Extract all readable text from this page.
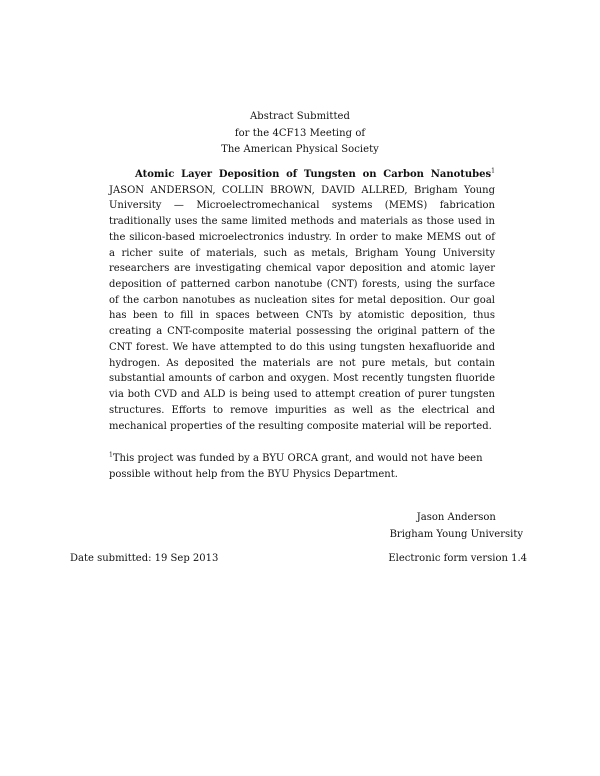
Abstract Submitted
for the 4CF13 Meeting of
The American Physical Society

Atomic Layer Deposition of Tungsten on Carbon Nanotubes$^1$ JASON ANDERSON, COLLIN BROWN, DAVID ALLRED, Brigham Young University — Microelectromechanical systems (MEMS) fabrication traditionally uses the same limited methods and materials as those used in the silicon-based microelectronics industry. In order to make MEMS out of a richer suite of materials, such as metals, Brigham Young University researchers are investigating chemical vapor deposition and atomic layer deposition of patterned carbon nanotube (CNT) forests, using the surface of the carbon nanotubes as nucleation sites for metal deposition. Our goal has been to fill in spaces between CNTs by atomistic deposition, thus creating a CNT-composite material possessing the original pattern of the CNT forest. We have attempted to do this using tungsten hexafluoride and hydrogen. As deposited the materials are not pure metals, but contain substantial amounts of carbon and oxygen. Most recently tungsten fluoride via both CVD and ALD is being used to attempt creation of purer tungsten structures. Efforts to remove impurities as well as the electrical and mechanical properties of the resulting composite material will be reported.

$^1$This project was funded by a BYU ORCA grant, and would not have been possible without help from the BYU Physics Department.
Jason Anderson
Brigham Young University
Date submitted: 19 Sep 2013	Electronic form version 1.4
